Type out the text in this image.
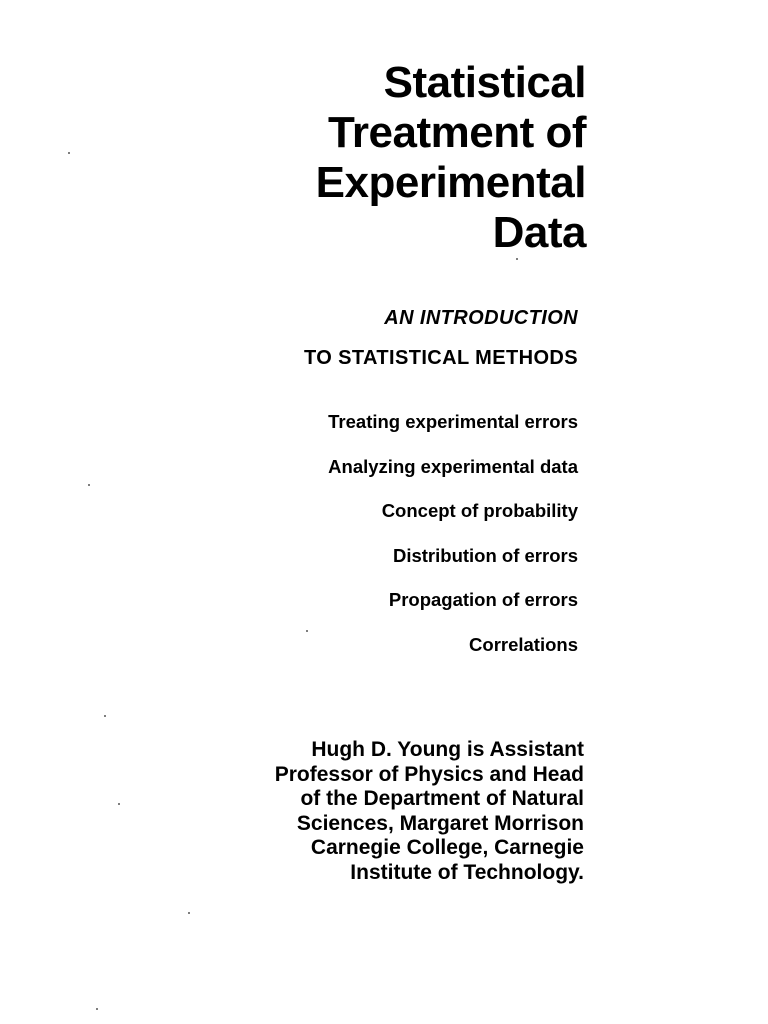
Statistical
Treatment of
Experimental
Data
AN INTRODUCTION
TO STATISTICAL METHODS
Treating experimental errors
Analyzing experimental data
Concept of probability
Distribution of errors
Propagation of errors
Correlations
Hugh D. Young is Assistant
Professor of Physics and Head
of the Department of Natural
Sciences, Margaret Morrison
Carnegie College, Carnegie
Institute of Technology.
